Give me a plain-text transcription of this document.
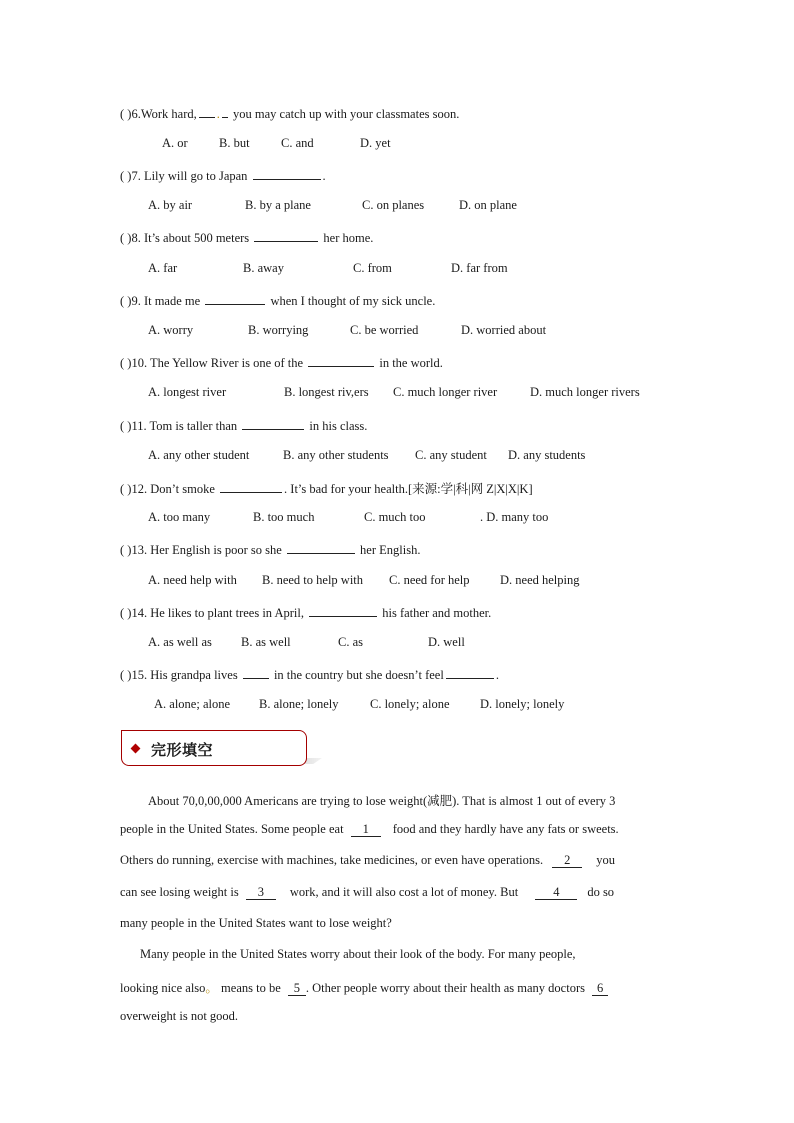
( )6.Work hard, . you may catch up with your classmates soon.
A. or	B. but	C. and	D. yet
( )7. Lily will go to Japan	.
A. by air	B. by a plane	C. on planes	D. on plane
( )8. It’s about 500 meters	her home.
A. far	B. away	C. from	D. far from
( )9. It made me	when I thought of my sick uncle.
A. worry	B. worrying	C. be worried	D. worried about
( )10. The Yellow River is one of the	in the world.
A. longest river	B. longest riv,ers C. much longer river	D. much longer rivers
( )11. Tom is taller than	in his class.
A. any other student	B. any other students C. any student D. any students
( )12. Don’t smoke	. It’s bad for your health.[来源:学|科|网 Z|X|X|K]
A. too many	B. too much	C. much too	. D. many too
( )13. Her English is poor so she	her English.
A. need help with B. need to help with C. need for help D. need helping
( )14. He likes to plant trees in April,	his father and mother.
A. as well as B. as well	C. as	D. well
( )15. His grandpa lives  in the country but she doesn’t feel	.
A. alone; alone B. alone; lonely	C. lonely; alone D. lonely; lonely
完形填空
About 70,0,00,000 Americans are trying to lose weight(减肥). That is almost 1 out of every 3
people in the United States. Some people eat 1 food and they hardly have any fats or sweets.
Others do running, exercise with machines, take medicines, or even have operations. 2 you
can see losing weight is 3 work, and it will also cost a lot of money. But	4 do so
many people in the United States want to lose weight?
Many people in the United States worry about their look of the body. For many people,
looking nice also。 means to be 5 . Other people worry about their health as many doctors 6
overweight is not good.
